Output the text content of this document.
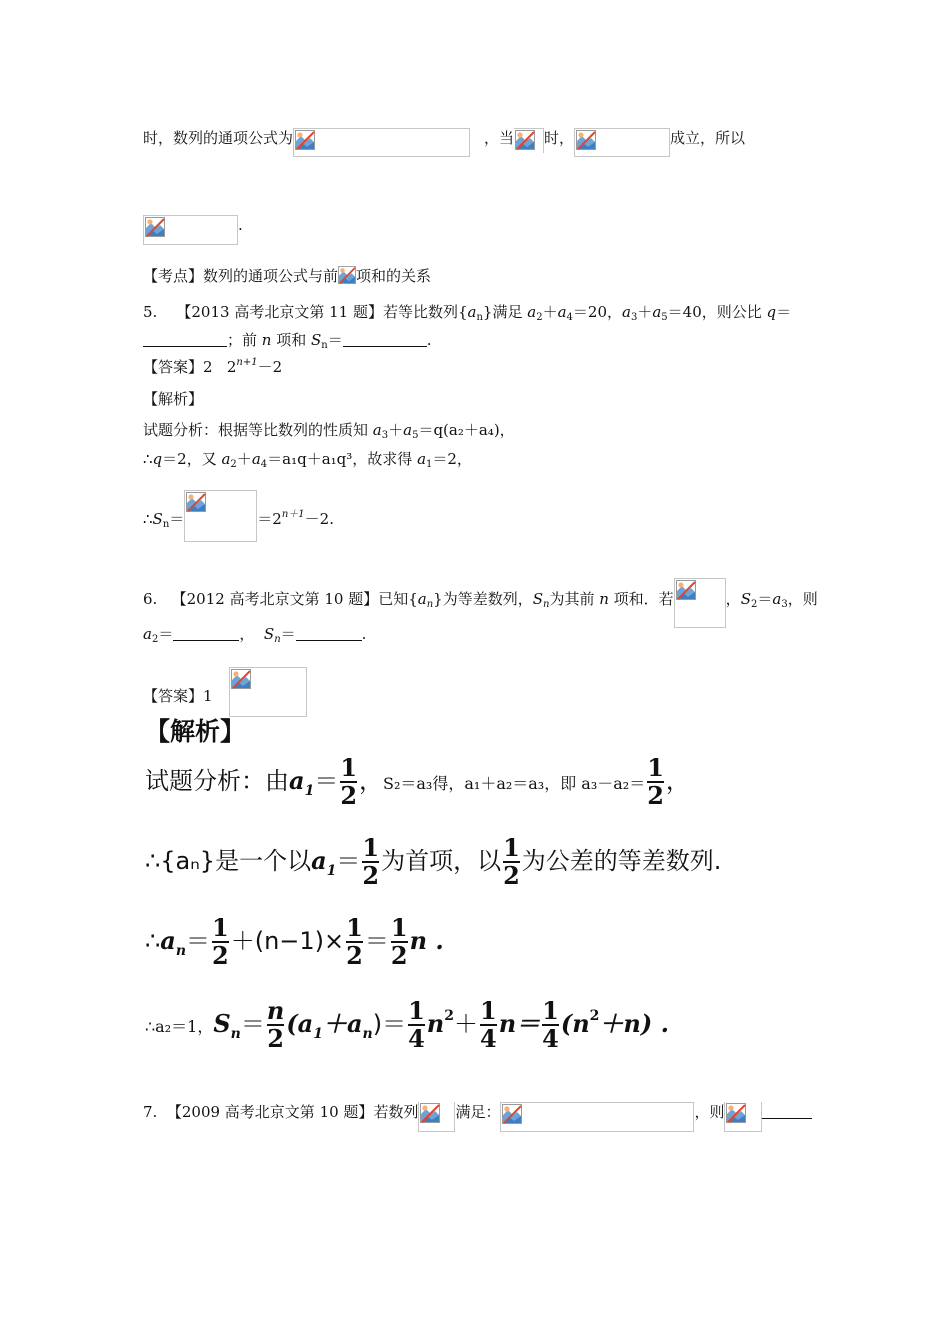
时，数列的通项公式为	，当 时，	成立，所以
.
【考点】数列的通项公式与前 项和的关系
5. 【2013 高考北京文第 11 题】若等比数列$\{a_n\}$满足 $a_2+a_4=20$，$a_3+a_5=40$，则公比 q＝
；前 n 项和 $S_n=$	.
【答案】2 $2^{n+1}-2$
【解析】
试题分析：根据等比数列的性质知 $a_3+a_5=q(a_2+a_4)$，
∴q＝2，又 $a_2+a_4=a_1q+a_1q^3$，故求得 $a_1=2$，
$\therefore S_n=$	$=2^{n+1}-2$.
6. 【2012 高考北京文第 10 题】已知$\{a_n\}$为等差数列，$S_n$为其前 n 项和．若	，$S_2=a_3$，则
$a_2=$	， $S_n=$	.
【答案】1
【解析】
试题分析：由$a_1= \frac{1}{2}$ ，S₂＝a₃得，a₁＋a₂＝a₃，即 $a_3-a_2= \frac{1}{2}$ ，
∴{aₙ}是一个以$a_1= \frac{1}{2}$ 为首项，以 $\frac{1}{2}$ 为公差的等差数列.
$\therefore a_n= \frac{1}{2} +(n-1)\times \frac{1}{2} = \frac{1}{2}$ n .
∴a₂＝1，$S_n= \frac{n}{2} (a_1+a_n)= \frac{1}{4} n^2+ \frac{1}{4} n= \frac{1}{4} (n^2+n)$ .
7. 【2009 高考北京文第 10 题】若数列 满足：	，则
